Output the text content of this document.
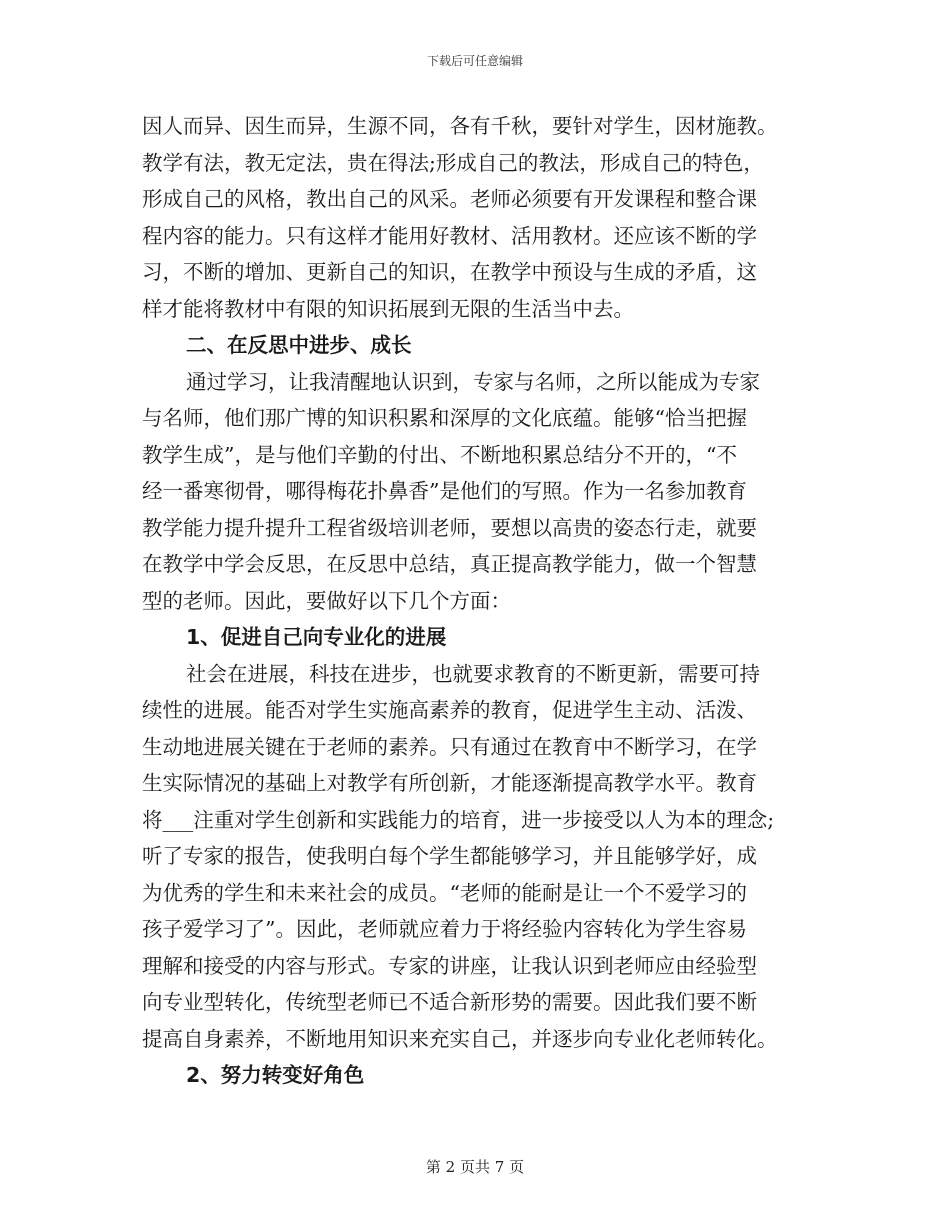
下载后可任意编辑
因人而异、因生而异，生源不同，各有千秋，要针对学生，因材施教。
教学有法，教无定法，贵在得法;形成自己的教法，形成自己的特色，
形成自己的风格，教出自己的风采。老师必须要有开发课程和整合课
程内容的能力。只有这样才能用好教材、活用教材。还应该不断的学
习，不断的增加、更新自己的知识，在教学中预设与生成的矛盾，这
样才能将教材中有限的知识拓展到无限的生活当中去。
二、在反思中进步、成长
通过学习，让我清醒地认识到，专家与名师，之所以能成为专家
与名师，他们那广博的知识积累和深厚的文化底蕴。能够“恰当把握
教学生成”，是与他们辛勤的付出、不断地积累总结分不开的，“不
经一番寒彻骨，哪得梅花扑鼻香”是他们的写照。作为一名参加教育
教学能力提升提升工程省级培训老师，要想以高贵的姿态行走，就要
在教学中学会反思，在反思中总结，真正提高教学能力，做一个智慧
型的老师。因此，要做好以下几个方面：
1、促进自己向专业化的进展
社会在进展，科技在进步，也就要求教育的不断更新，需要可持
续性的进展。能否对学生实施高素养的教育，促进学生主动、活泼、
生动地进展关键在于老师的素养。只有通过在教育中不断学习，在学
生实际情况的基础上对教学有所创新，才能逐渐提高教学水平。教育
将___注重对学生创新和实践能力的培育，进一步接受以人为本的理念;
听了专家的报告，使我明白每个学生都能够学习，并且能够学好，成
为优秀的学生和未来社会的成员。“老师的能耐是让一个不爱学习的
孩子爱学习了”。因此，老师就应着力于将经验内容转化为学生容易
理解和接受的内容与形式。专家的讲座，让我认识到老师应由经验型
向专业型转化，传统型老师已不适合新形势的需要。因此我们要不断
提高自身素养，不断地用知识来充实自己，并逐步向专业化老师转化。
2、努力转变好角色
第 2 页共 7 页
